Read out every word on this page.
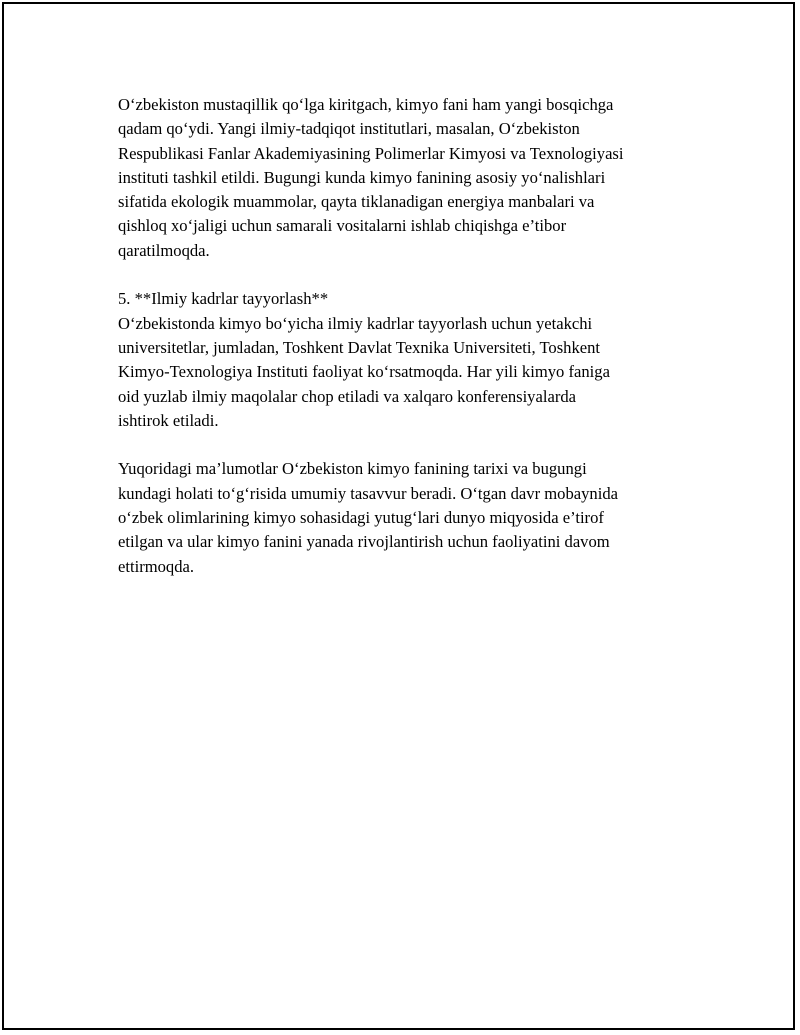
O‘zbekiston mustaqillik qo‘lga kiritgach, kimyo fani ham yangi bosqichga
qadam qo‘ydi. Yangi ilmiy-tadqiqot institutlari, masalan, O‘zbekiston
Respublikasi Fanlar Akademiyasining Polimerlar Kimyosi va Texnologiyasi
instituti tashkil etildi. Bugungi kunda kimyo fanining asosiy yo‘nalishlari
sifatida ekologik muammolar, qayta tiklanadigan energiya manbalari va
qishloq xo‘jaligi uchun samarali vositalarni ishlab chiqishga e’tibor
qaratilmoqda.
5. **Ilmiy kadrlar tayyorlash**
O‘zbekistonda kimyo bo‘yicha ilmiy kadrlar tayyorlash uchun yetakchi
universitetlar, jumladan, Toshkent Davlat Texnika Universiteti, Toshkent
Kimyo-Texnologiya Instituti faoliyat ko‘rsatmoqda. Har yili kimyo faniga
oid yuzlab ilmiy maqolalar chop etiladi va xalqaro konferensiyalarda
ishtirok etiladi.
Yuqoridagi ma’lumotlar O‘zbekiston kimyo fanining tarixi va bugungi
kundagi holati to‘g‘risida umumiy tasavvur beradi. O‘tgan davr mobaynida
o‘zbek olimlarining kimyo sohasidagi yutug‘lari dunyo miqyosida e’tirof
etilgan va ular kimyo fanini yanada rivojlantirish uchun faoliyatini davom
ettirmoqda.
